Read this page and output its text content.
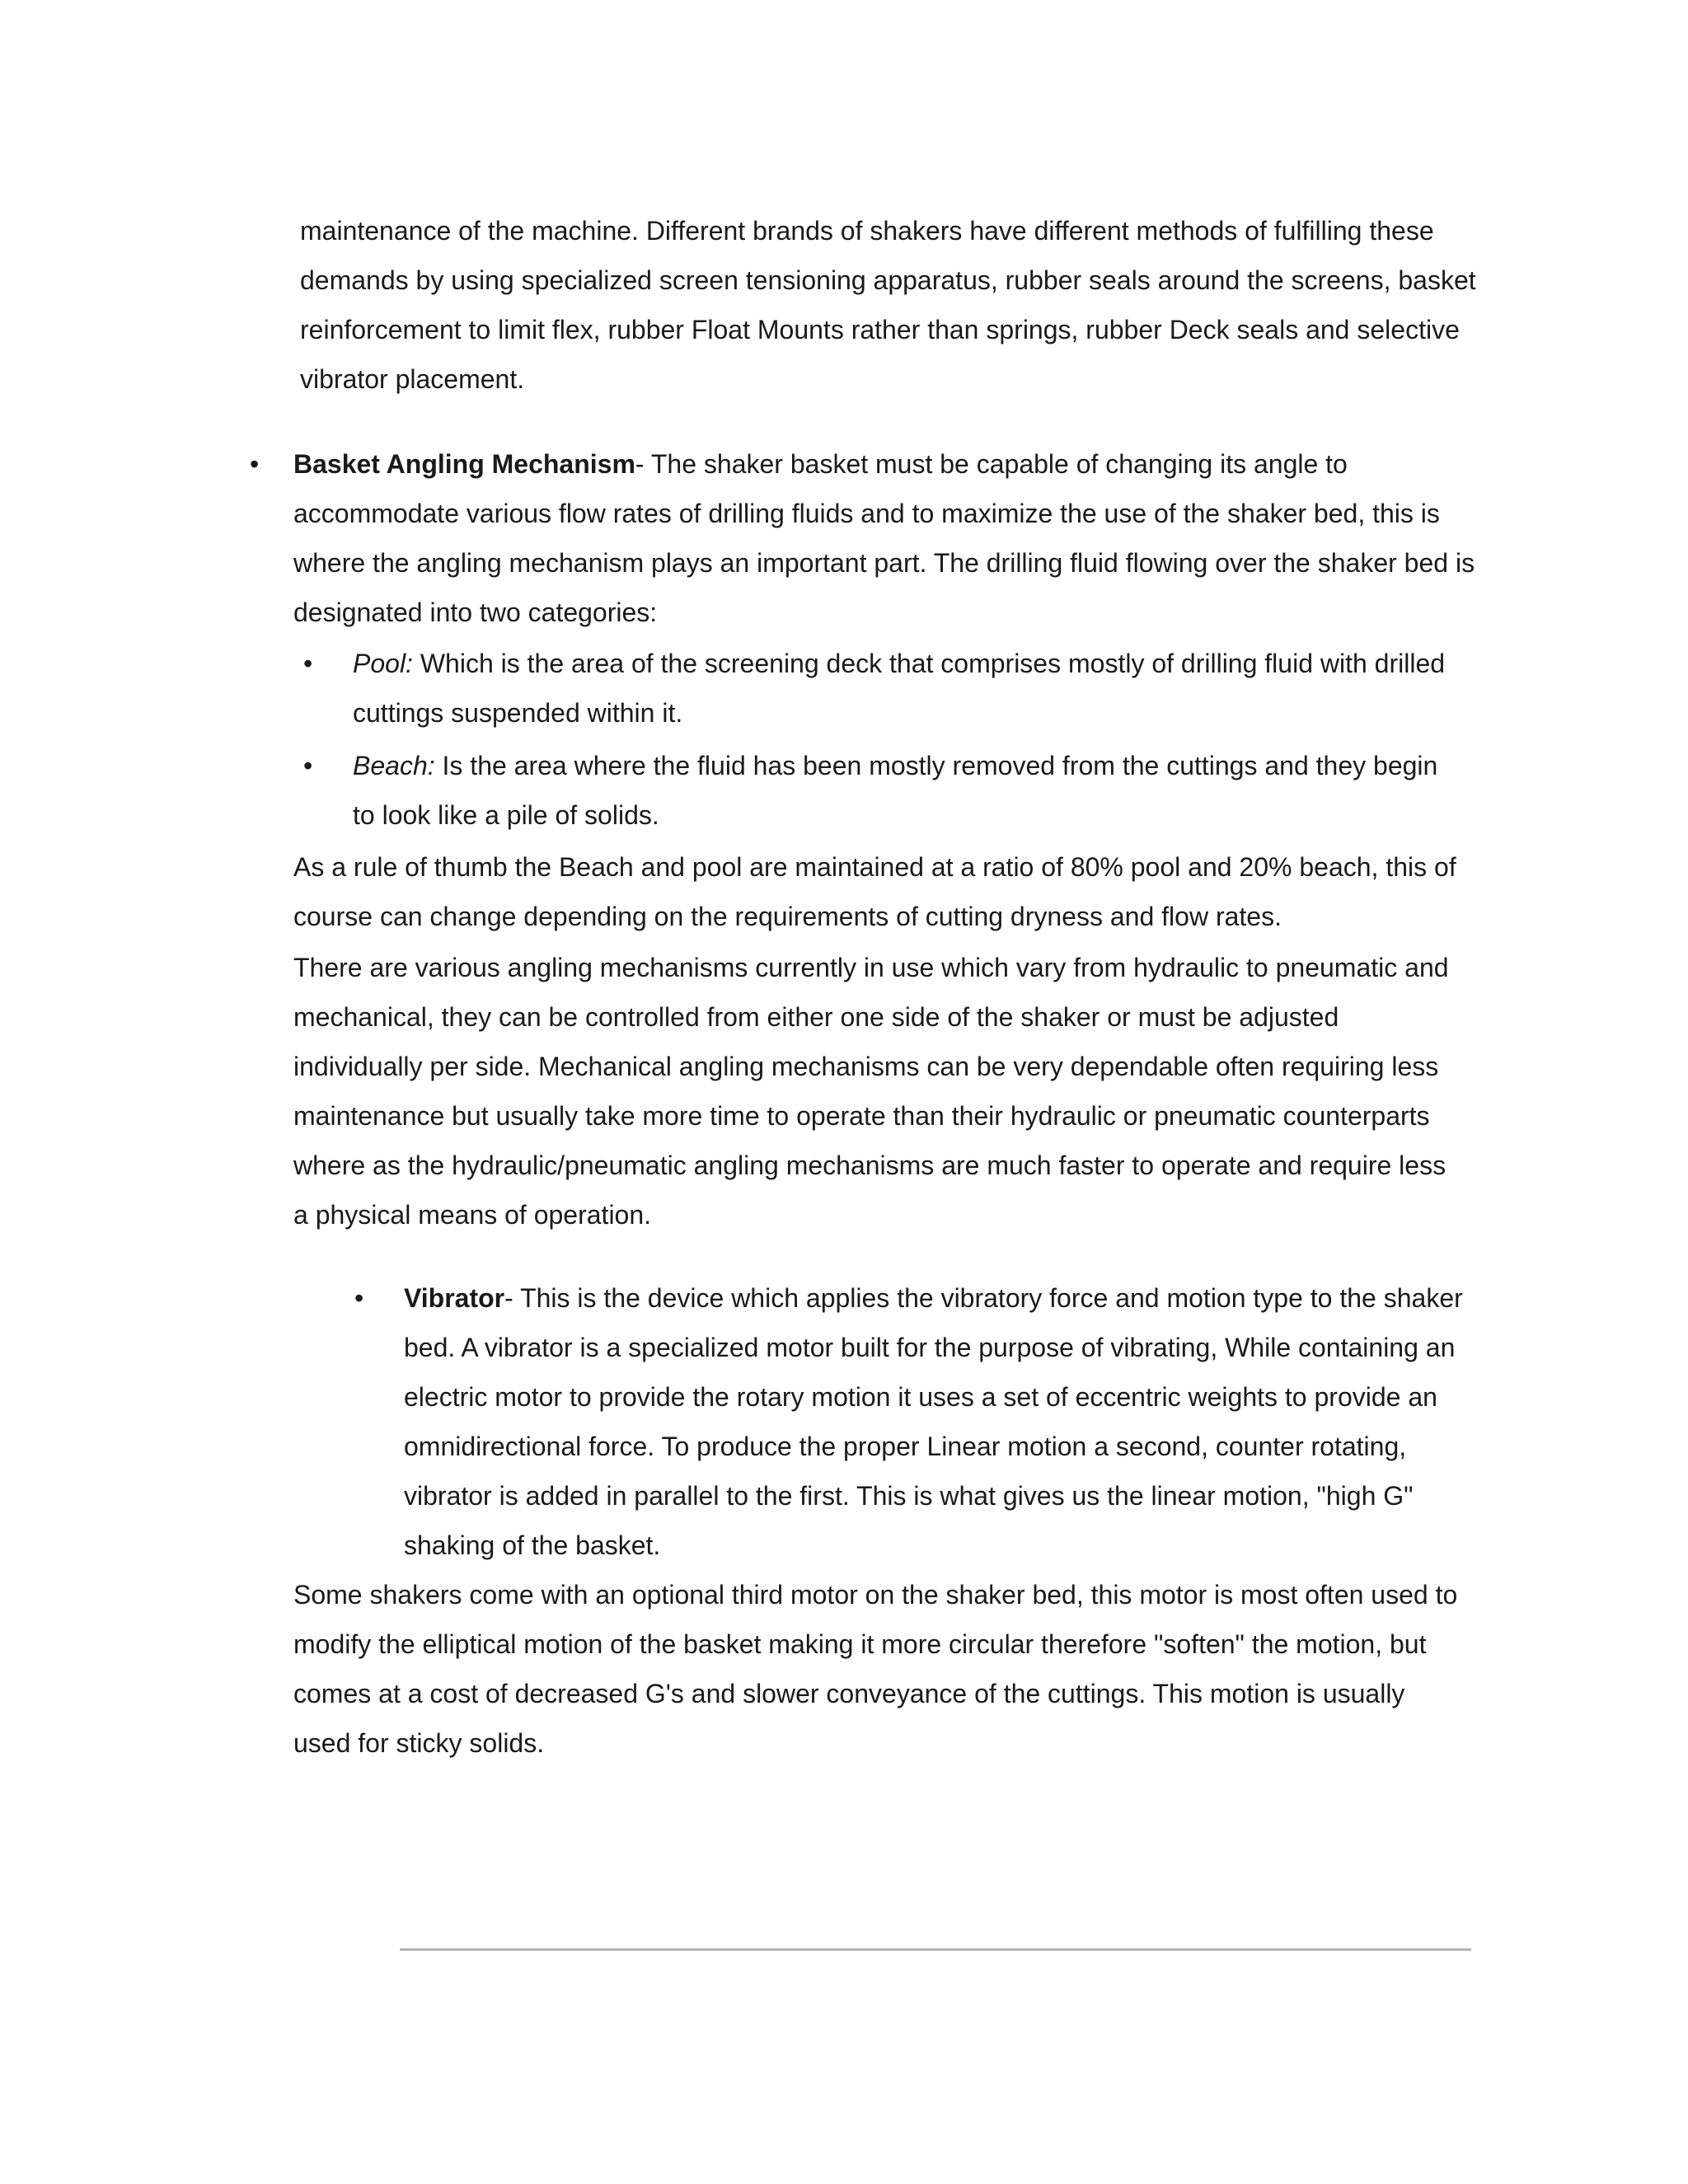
maintenance of the machine. Different brands of shakers have different methods of fulfilling these demands by using specialized screen tensioning apparatus, rubber seals around the screens, basket reinforcement to limit flex, rubber Float Mounts rather than springs, rubber Deck seals and selective vibrator placement.

• Basket Angling Mechanism- The shaker basket must be capable of changing its angle to accommodate various flow rates of drilling fluids and to maximize the use of the shaker bed, this is where the angling mechanism plays an important part. The drilling fluid flowing over the shaker bed is designated into two categories:

• Pool: Which is the area of the screening deck that comprises mostly of drilling fluid with drilled cuttings suspended within it.

• Beach: Is the area where the fluid has been mostly removed from the cuttings and they begin to look like a pile of solids.

As a rule of thumb the Beach and pool are maintained at a ratio of 80% pool and 20% beach, this of course can change depending on the requirements of cutting dryness and flow rates.

There are various angling mechanisms currently in use which vary from hydraulic to pneumatic and mechanical, they can be controlled from either one side of the shaker or must be adjusted individually per side. Mechanical angling mechanisms can be very dependable often requiring less maintenance but usually take more time to operate than their hydraulic or pneumatic counterparts where as the hydraulic/pneumatic angling mechanisms are much faster to operate and require less a physical means of operation.

• Vibrator- This is the device which applies the vibratory force and motion type to the shaker bed. A vibrator is a specialized motor built for the purpose of vibrating, While containing an electric motor to provide the rotary motion it uses a set of eccentric weights to provide an omnidirectional force. To produce the proper Linear motion a second, counter rotating, vibrator is added in parallel to the first. This is what gives us the linear motion, "high G" shaking of the basket.

Some shakers come with an optional third motor on the shaker bed, this motor is most often used to modify the elliptical motion of the basket making it more circular therefore "soften" the motion, but comes at a cost of decreased G's and slower conveyance of the cuttings. This motion is usually used for sticky solids.
